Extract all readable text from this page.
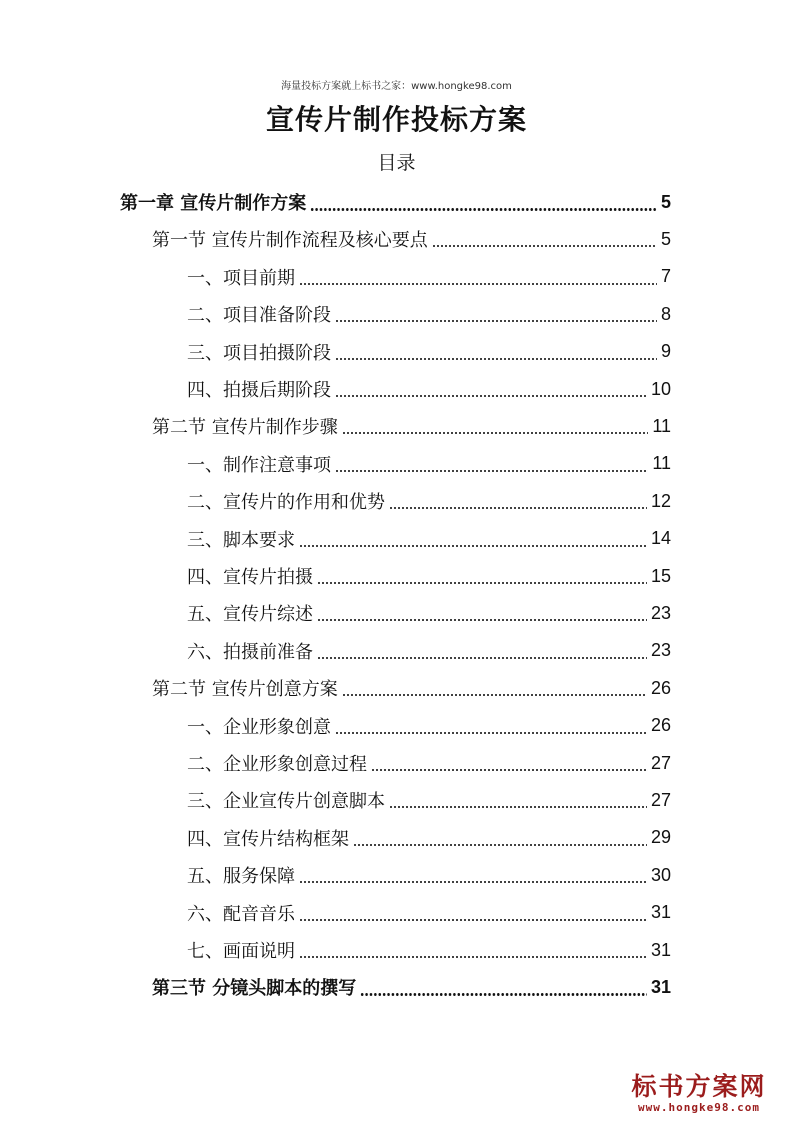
海量投标方案就上标书之家：www.hongke98.com
宣传片制作投标方案
目录
第一章 宣传片制作方案	5
第一节 宣传片制作流程及核心要点	5
一、项目前期	7
二、项目准备阶段	8
三、项目拍摄阶段	9
四、拍摄后期阶段	10
第二节 宣传片制作步骤	11
一、制作注意事项	11
二、宣传片的作用和优势	12
三、脚本要求	14
四、宣传片拍摄	15
五、宣传片综述	23
六、拍摄前准备	23
第二节 宣传片创意方案	26
一、企业形象创意	26
二、企业形象创意过程	27
三、企业宣传片创意脚本	27
四、宣传片结构框架	29
五、服务保障	30
六、配音音乐	31
七、画面说明	31
第三节 分镜头脚本的撰写	31
标书方案网
www.hongke98.com
